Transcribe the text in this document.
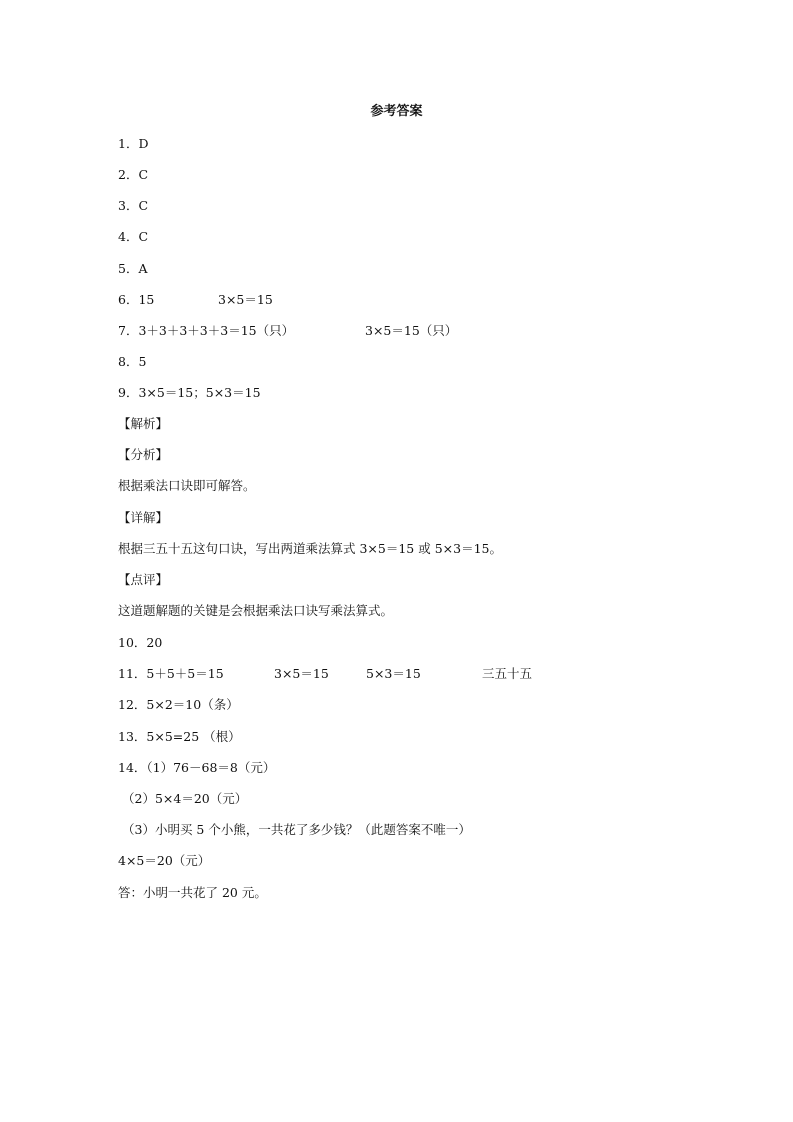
参考答案
1．D
2．C
3．C
4．C
5．A
6．15	3×5＝15
7．3＋3＋3＋3＋3＝15（只）	3×5＝15（只）
8．5
9．3×5＝15；5×3＝15
【解析】
【分析】
根据乘法口诀即可解答。
【详解】
根据三五十五这句口诀，写出两道乘法算式 3×5＝15 或 5×3＝15。
【点评】
这道题解题的关键是会根据乘法口诀写乘法算式。
10．20
11．5＋5＋5＝15	3×5＝15	5×3＝15	三五十五
12．5×2＝10（条）
13．5×5=25 （根）
14．（1）76－68＝8（元）
（2）5×4＝20（元）
（3）小明买 5 个小熊，一共花了多少钱？（此题答案不唯一）
4×5＝20（元）
答：小明一共花了 20 元。
